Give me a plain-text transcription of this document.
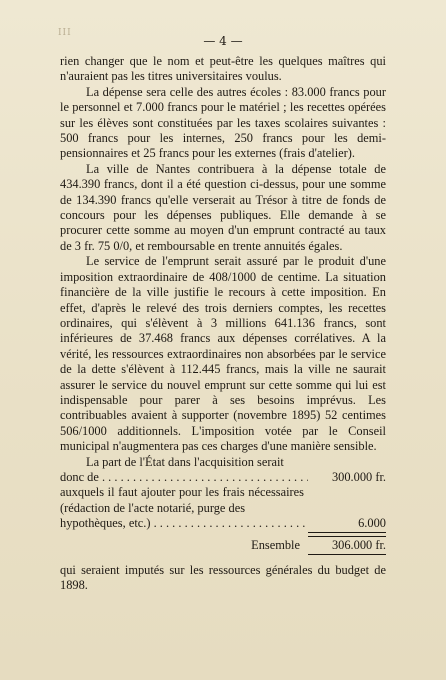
III
— 4 —

rien changer que le nom et peut-être les quelques maîtres qui n'auraient pas les titres universitaires voulus.

La dépense sera celle des autres écoles : 83.000 francs pour le personnel et 7.000 francs pour le matériel ; les recettes opérées sur les élèves sont constituées par les taxes scolaires suivantes : 500 francs pour les internes, 250 francs pour les demi-pensionnaires et 25 francs pour les externes (frais d'atelier).

La ville de Nantes contribuera à la dépense totale de 434.390 francs, dont il a été question ci-dessus, pour une somme de 134.390 francs qu'elle verserait au Trésor à titre de fonds de concours pour les dépenses publiques. Elle demande à se procurer cette somme au moyen d'un emprunt contracté au taux de 3 fr. 75 0/0, et remboursable en trente annuités égales.

Le service de l'emprunt serait assuré par le produit d'une imposition extraordinaire de 408/1000 de centime. La situation financière de la ville justifie le recours à cette imposition. En effet, d'après le relevé des trois derniers comptes, les recettes ordinaires, qui s'élèvent à 3 millions 641.136 francs, sont inférieures de 37.468 francs aux dépenses corrélatives. A la vérité, les ressources extraordinaires non absorbées par le service de la dette s'élèvent à 112.445 francs, mais la ville ne saurait assurer le service du nouvel emprunt sur cette somme qui lui est indispensable pour parer à ses besoins imprévus. Les contribuables avaient à supporter (novembre 1895) 52 centimes 506/1000 additionnels. L'imposition votée par le Conseil municipal n'augmentera pas ces charges d'une manière sensible.

La part de l'État dans l'acquisition serait

donc de . . .	300.000 fr.
auxquels il faut ajouter pour les frais nécessaires (rédaction de l'acte notarié, purge des
hypothèques, etc.) . . .	6.000
Ensemble	306.000 fr.

qui seraient imputés sur les ressources générales du budget de 1898.
